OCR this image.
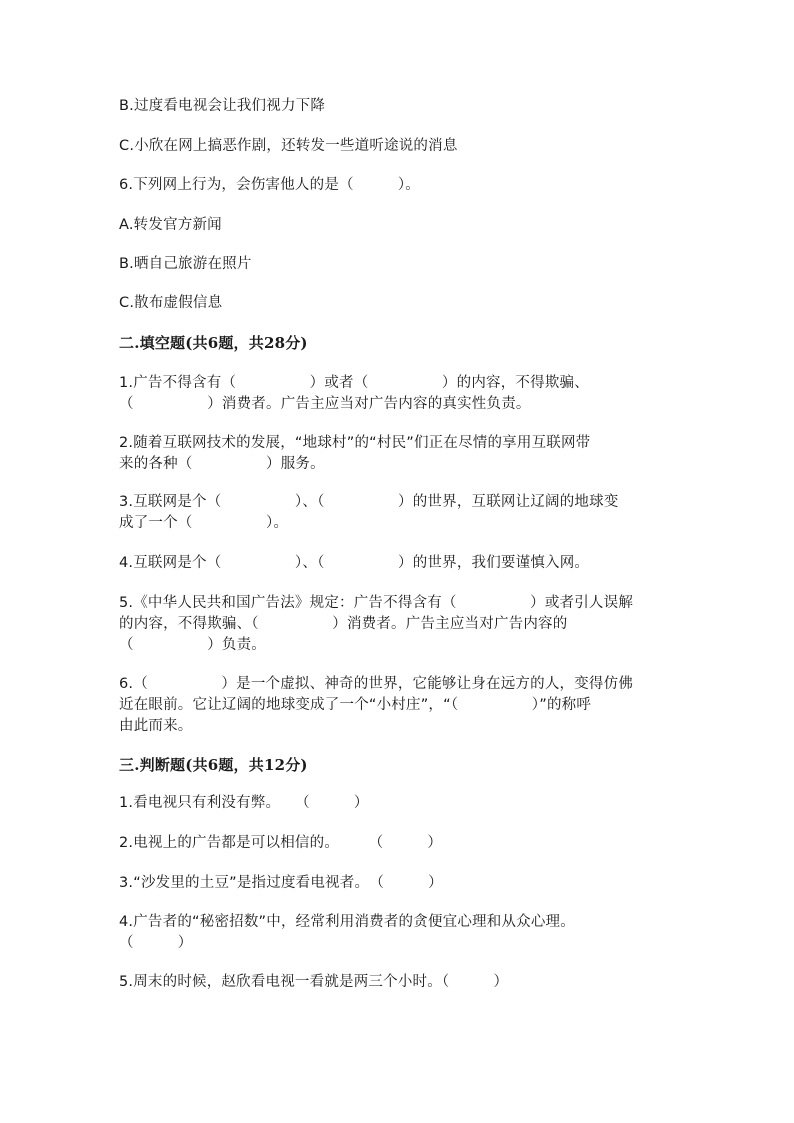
B.过度看电视会让我们视力下降
C.小欣在网上搞恶作剧，还转发一些道听途说的消息
6.下列网上行为，会伤害他人的是（　　　）。
A.转发官方新闻
B.晒自己旅游在照片
C.散布虚假信息
二.填空题(共6题，共28分)
1.广告不得含有（　　　　　）或者（　　　　　）的内容，不得欺骗、
（　　　　　）消费者。广告主应当对广告内容的真实性负责。
2.随着互联网技术的发展，“地球村”的“村民”们正在尽情的享用互联网带
来的各种（　　　　　）服务。
3.互联网是个（　　　　　）、（　　　　　）的世界，互联网让辽阔的地球变
成了一个（　　　　　）。
4.互联网是个（　　　　　）、（　　　　　）的世界，我们要谨慎入网。
5.《中华人民共和国广告法》规定：广告不得含有（　　　　　）或者引人误解
的内容，不得欺骗、（　　　　　）消费者。广告主应当对广告内容的
（　　　　　）负责。
6.（　　　　　）是一个虚拟、神奇的世界，它能够让身在远方的人，变得仿佛
近在眼前。它让辽阔的地球变成了一个“小村庄”，“（　　　　　）”的称呼
由此而来。
三.判断题(共6题，共12分)
1.看电视只有利没有弊。　　（　　　）
2.电视上的广告都是可以相信的。　　　（　　　）
3.“沙发里的土豆”是指过度看电视者。　（　　　）
4.广告者的“秘密招数”中，经常利用消费者的贪便宜心理和从众心理。
（　　　）
5.周末的时候，赵欣看电视一看就是两三个小时。（　　　）
